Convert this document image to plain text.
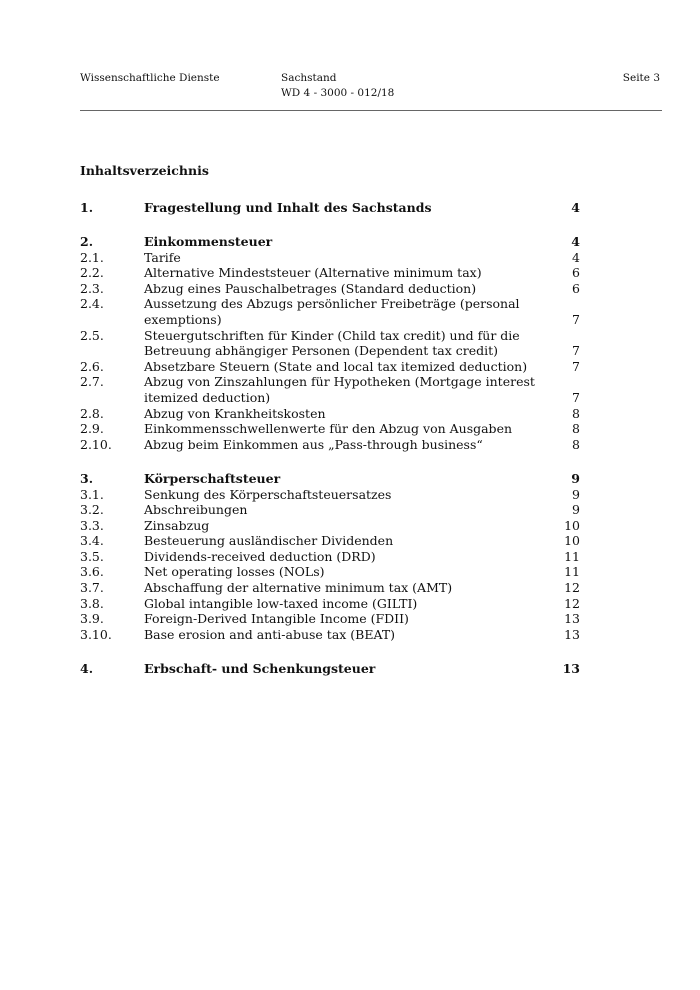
Wissenschaftliche Dienste	Sachstand
WD 4 - 3000 - 012/18
Seite 3
Inhaltsverzeichnis
1.	Fragestellung und Inhalt des Sachstands	4
2.	Einkommensteuer	4
2.1.	Tarife	4
2.2.	Alternative Mindeststeuer (Alternative minimum tax)	6
2.3.	Abzug eines Pauschalbetrages (Standard deduction)	6
2.4.	Aussetzung des Abzugs persönlicher Freibeträge (personal
exemptions)	7
2.5.	Steuergutschriften für Kinder (Child tax credit) und für die
Betreuung abhängiger Personen (Dependent tax credit)	7
2.6.	Absetzbare Steuern (State and local tax itemized deduction)	7
2.7.	Abzug von Zinszahlungen für Hypotheken (Mortgage interest
itemized deduction)	7
2.8.	Abzug von Krankheitskosten	8
2.9.	Einkommensschwellenwerte für den Abzug von Ausgaben	8
2.10.	Abzug beim Einkommen aus „Pass-through business“	8
3.	Körperschaftsteuer	9
3.1.	Senkung des Körperschaftsteuersatzes	9
3.2.	Abschreibungen	9
3.3.	Zinsabzug	10
3.4.	Besteuerung ausländischer Dividenden	10
3.5.	Dividends-received deduction (DRD)	11
3.6.	Net operating losses (NOLs)	11
3.7.	Abschaffung der alternative minimum tax (AMT)	12
3.8.	Global intangible low-taxed income (GILTI)	12
3.9.	Foreign-Derived Intangible Income (FDII)	13
3.10.	Base erosion and anti-abuse tax (BEAT)	13
4.	Erbschaft- und Schenkungsteuer	13
